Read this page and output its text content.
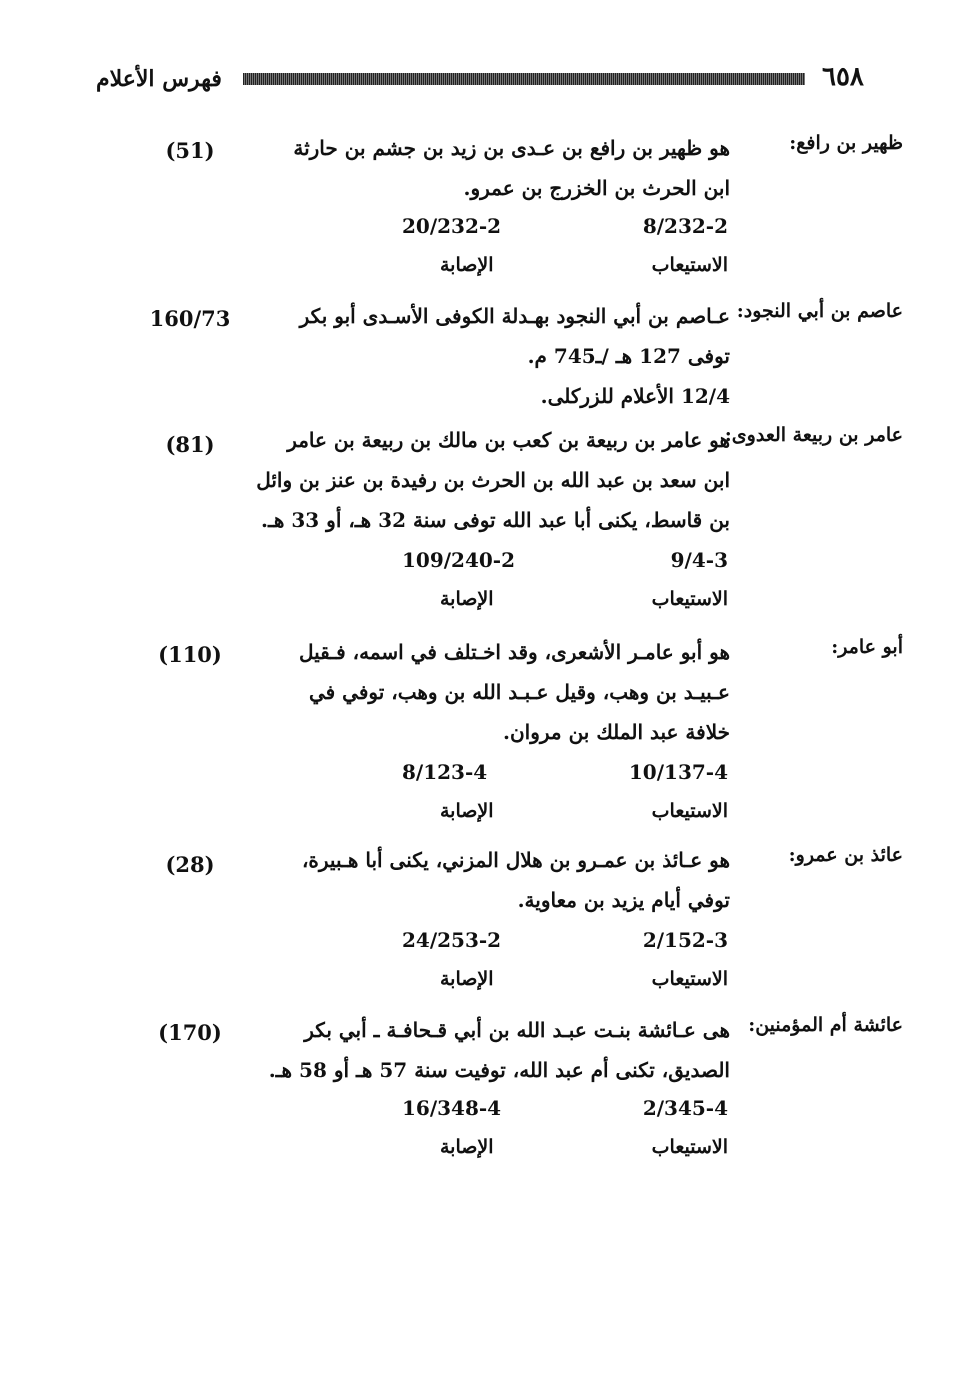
٦٥٨
فهرس الأعلام
ظهير بن رافع:
هو ظهير بن رافع بن عـدى بن زيد بن جشم بن حارثة
ابن الحرث بن الخزرج بن عمرو.
(51)
8/232-2
20/232-2
الاستيعاب
الإصابة
عاصم بن أبي النجود:
عـاصم بن أبي النجود بهـدلة الكوفى الأسـدى أبو بكر
توفى 127 هـ /ـ745 م.
12/4 الأعلام للزركلى.
160/73
عامر بن ربيعة العدوى:
هو عامر بن ربيعة بن كعب بن مالك بن ربيعة بن عامر
ابن سعد بن عبد الله بن الحرث بن رفيدة بن عنز بن وائل
بن قاسط، يكنى أبا عبد الله توفى سنة 32 هـ، أو 33 هـ.
(81)
9/4-3
109/240-2
الاستيعاب
الإصابة
أبو عامر:
هو أبو عامـر الأشعرى، وقد اخـتلف في اسمه، فـقيل
عـبيـد بن وهب، وقيل عـبـد الله بن وهب، توفي في
خلافة عبد الملك بن مروان.
(110)
10/137-4
8/123-4
الاستيعاب
الإصابة
عائذ بن عمرو:
هو عـائذ بن عمـرو بن هلال المزني، يكنى أبا هـبيرة،
توفي أيام يزيد بن معاوية.
(28)
2/152-3
24/253-2
الاستيعاب
الإصابة
عائشة أم المؤمنين:
هى عـائشة بنـت عبـد الله بن أبي قـحافـة ـ أبي بكر
الصديق، تكنى أم عبد الله، توفيت سنة 57 هـ أو 58 هـ.
(170)
2/345-4
16/348-4
الاستيعاب
الإصابة
